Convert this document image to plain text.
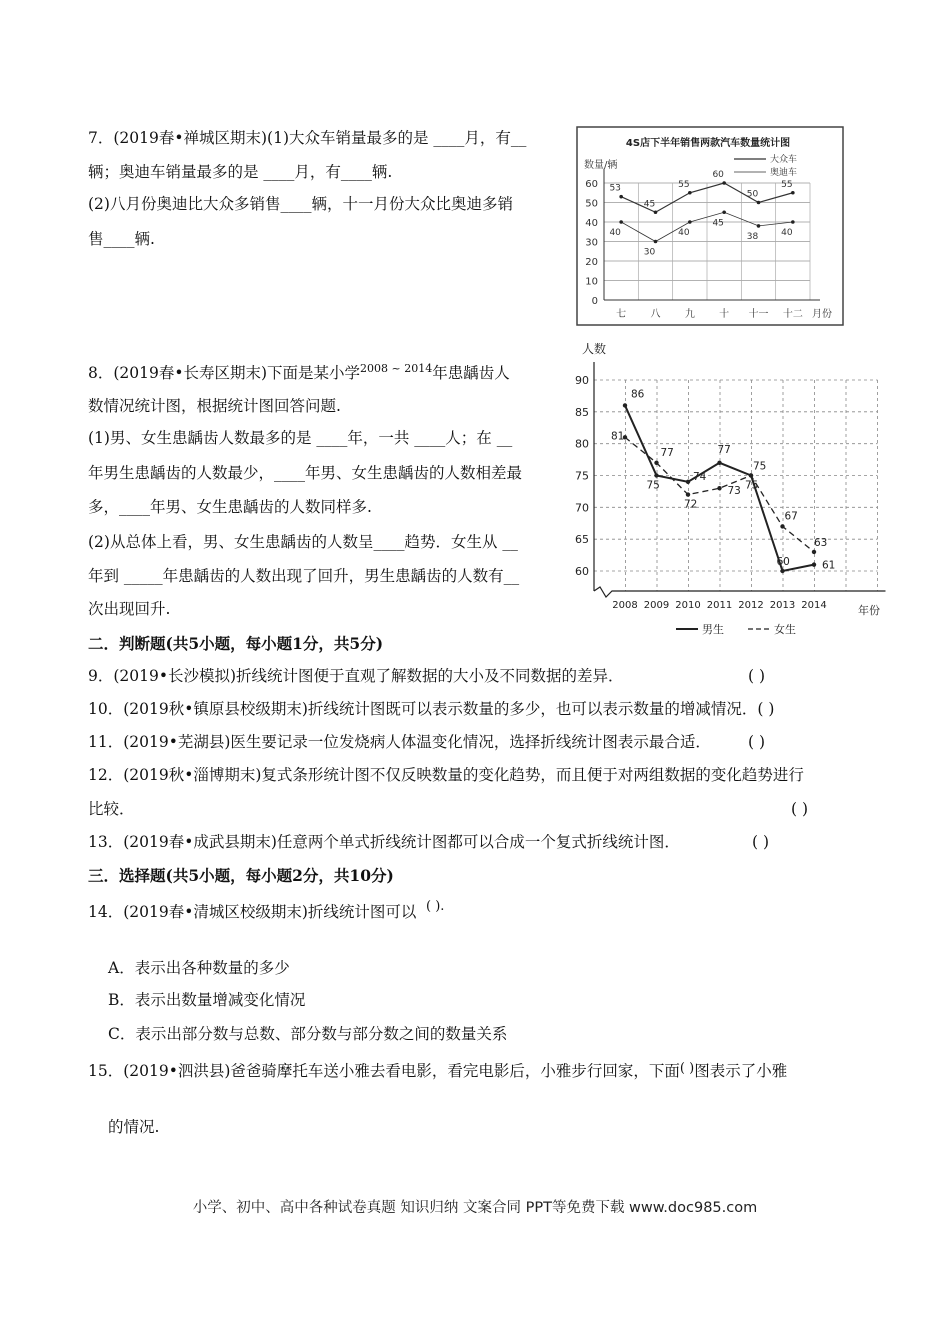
7．(2019春•禅城区期末)(1)大众车销量最多的是 ____月，有__
辆；奥迪车销量最多的是 ____月，有____辆.
(2)八月份奥迪比大众多销售____辆，十一月份大众比奥迪多销
售____辆.
4S店下半年销售两款汽车数量统计图
数量/辆
0
10
20
30
40
50
60
大众车
奥迪车
53
45
55
60
50
55
40
30
40
45
38	40
七 八 九 十 十一 十二 月份
8．(2019春•长寿区期末)下面是某小学$^{2008 \sim 2014}$年患龋齿人
数情况统计图，根据统计图回答问题.
(1)男、女生患龋齿人数最多的是 ____年，一共 ____人；在 __
年男生患龋齿的人数最少，____年男、女生患龋齿的人数相差最
多，____年男、女生患龋齿的人数同样多.
(2)从总体上看，男、女生患龋齿的人数呈____趋势．女生从 __
年到 _____年患龋齿的人数出现了回升，男生患龋齿的人数有__
次出现回升.
人数
年份
60
65
70
75
80
85
90
86
75
74
77
75
60	61
81
77
72
73 75
67
63
2008 2009 2010 2011 2012 2013 2014
男生	女生
二．判断题(共5小题，每小题1分，共5分)
9．(2019•长沙模拟)折线统计图便于直观了解数据的大小及不同数据的差异．	( )
10．(2019秋•镇原县校级期末)折线统计图既可以表示数量的多少，也可以表示数量的增减情况．( )
11．(2019•芜湖县)医生要记录一位发烧病人体温变化情况，选择折线统计图表示最合适． ( )
12．(2019秋•淄博期末)复式条形统计图不仅反映数量的变化趋势，而且便于对两组数据的变化趋势进行
比较．	( )
13．(2019春•成武县期末)任意两个单式折线统计图都可以合成一个复式折线统计图．	( )
三．选择题(共5小题，每小题2分，共10分)
14．(2019春•清城区校级期末)折线统计图可以 ( ).
A．表示出各种数量的多少
B．表示出数量增减变化情况
C．表示出部分数与总数、部分数与部分数之间的数量关系
15．(2019•泗洪县)爸爸骑摩托车送小雅去看电影，看完电影后，小雅步行回家，下面( )图表示了小雅
的情况.
小学、初中、高中各种试卷真题 知识归纳 文案合同 PPT等免费下载 www.doc985.com
